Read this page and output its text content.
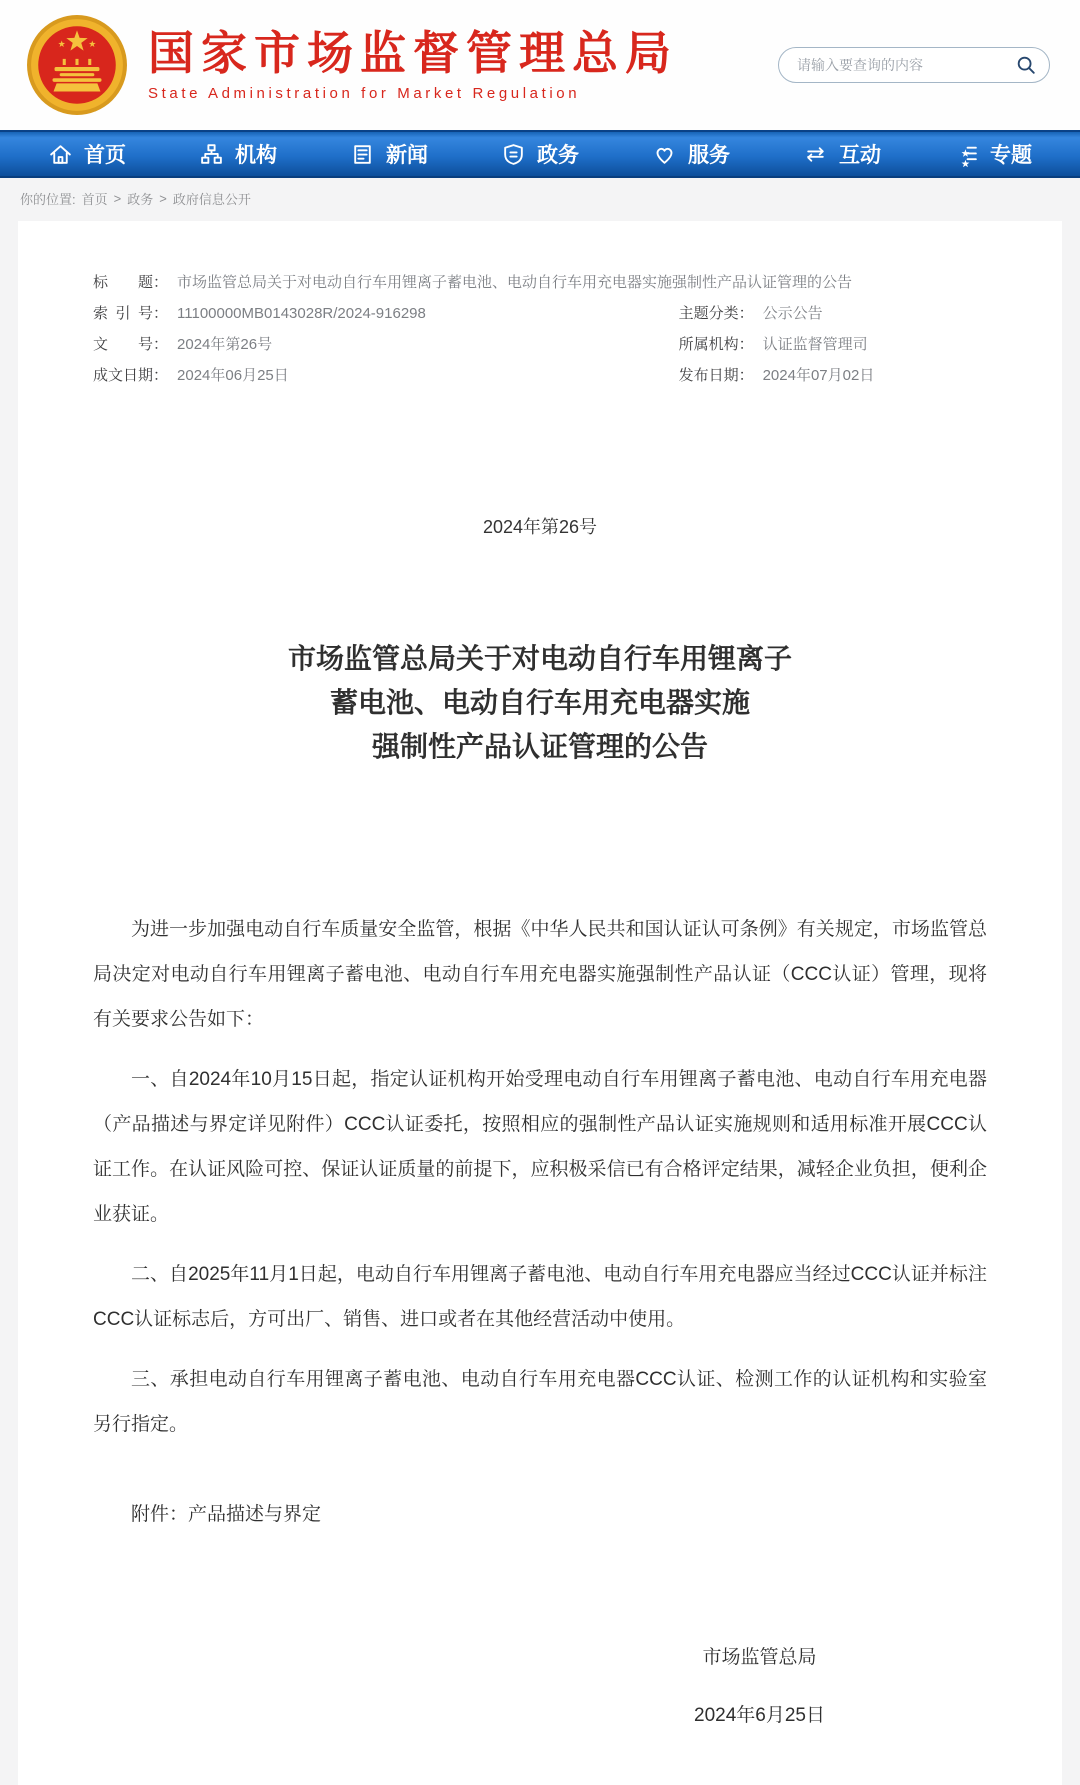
国家市场监督管理总局
State Administration for Market Regulation
请输入要查询的内容
首页	机构	新闻	政务	服务	互动	专题
你的位置: 首页 > 政务 > 政府信息公开
标题 ： 市场监管总局关于对电动自行车用锂离子蓄电池、电动自行车用充电器实施强制性产品认证管理的公告
索引号 ： 11100000MB0143028R/2024-916298	主题分类 ： 公示公告
文号 ： 2024年第26号	所属机构 ： 认证监督管理司
成文日期 ： 2024年06月25日	发布日期 ： 2024年07月02日
2024年第26号
市场监管总局关于对电动自行车用锂离子
蓄电池、电动自行车用充电器实施
强制性产品认证管理的公告

为进一步加强电动自行车质量安全监管，根据《中华人民共和国认证认可条例》有关规定，市场监管总局决定对电动自行车用锂离子蓄电池、电动自行车用充电器实施强制性产品认证（CCC认证）管理，现将有关要求公告如下：

一、自2024年10月15日起，指定认证机构开始受理电动自行车用锂离子蓄电池、电动自行车用充电器（产品描述与界定详见附件）CCC认证委托，按照相应的强制性产品认证实施规则和适用标准开展CCC认证工作。在认证风险可控、保证认证质量的前提下，应积极采信已有合格评定结果，减轻企业负担，便利企业获证。

二、自2025年11月1日起，电动自行车用锂离子蓄电池、电动自行车用充电器应当经过CCC认证并标注CCC认证标志后，方可出厂、销售、进口或者在其他经营活动中使用。

三、承担电动自行车用锂离子蓄电池、电动自行车用充电器CCC认证、检测工作的认证机构和实验室另行指定。

附件：产品描述与界定

市场监管总局
2024年6月25日
